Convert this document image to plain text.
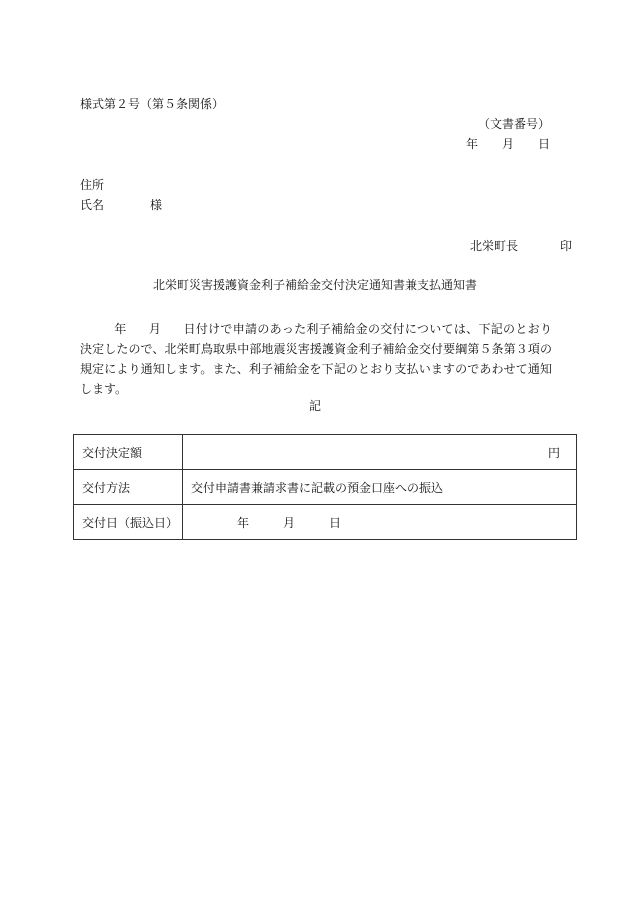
様式第２号（第５条関係）
（文書番号）
年 月 日
住所
氏名	様
北栄町長	印
北栄町災害援護資金利子補給金交付決定通知書兼支払通知書
年 月 日付けで申請のあった利子補給金の交付については、下記のとおり決定したので、北栄町鳥取県中部地震災害援護資金利子補給金交付要綱第５条第３項の規定により通知します。また、利子補給金を下記のとおり支払いますのであわせて通知します。
記
交付決定額	円

交付方法	交付申請書兼請求書に記載の預金口座への振込
交付日（振込日）	年 月 日
